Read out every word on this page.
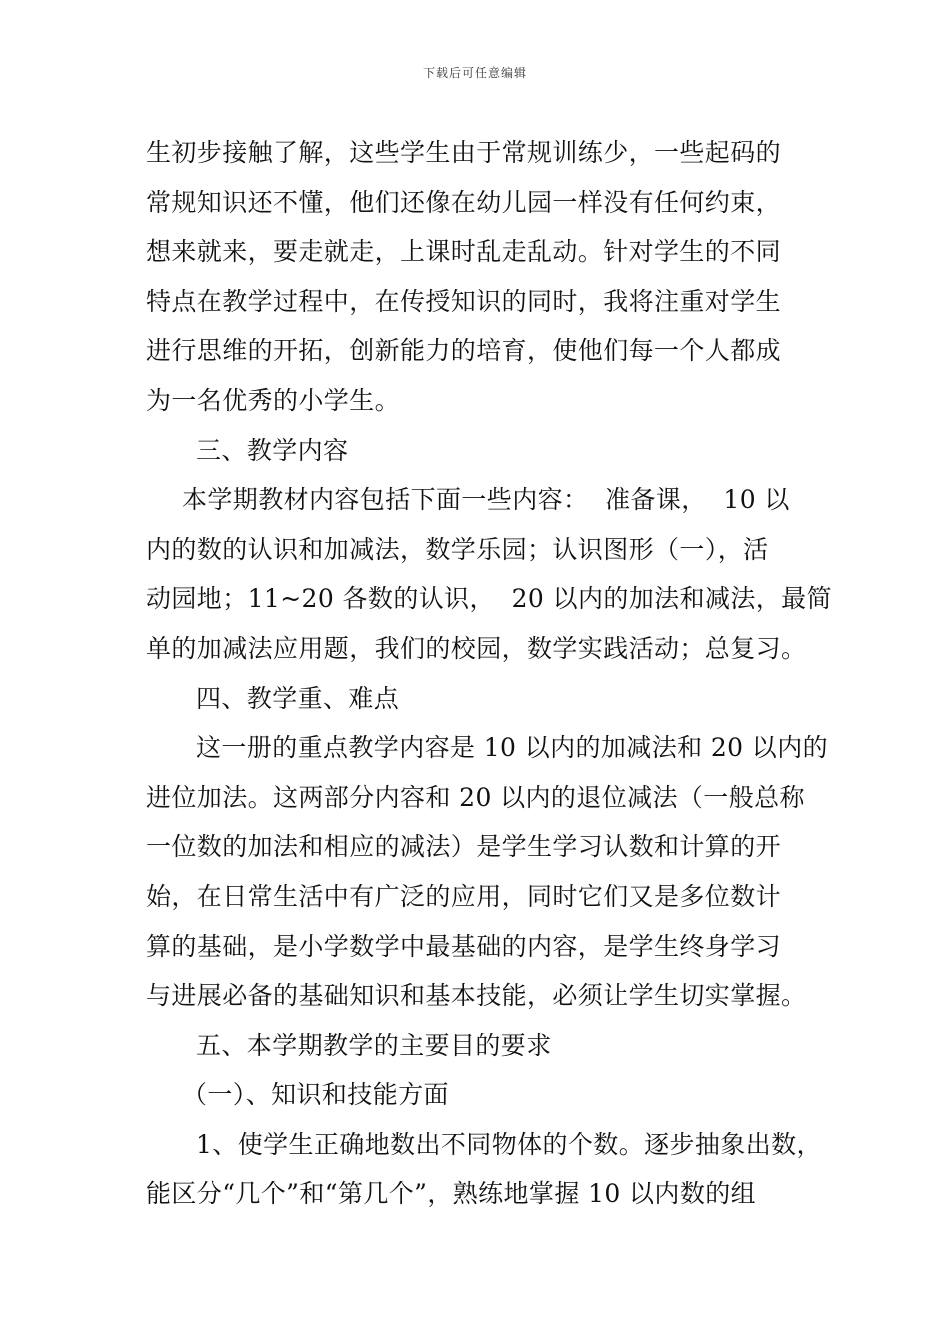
下载后可任意编辑
生初步接触了解，这些学生由于常规训练少，一些起码的
常规知识还不懂，他们还像在幼儿园一样没有任何约束，
想来就来，要走就走，上课时乱走乱动。针对学生的不同
特点在教学过程中，在传授知识的同时，我将注重对学生
进行思维的开拓，创新能力的培育，使他们每一个人都成
为一名优秀的小学生。
三、教学内容
本学期教材内容包括下面一些内容：  准备课，  10 以
内的数的认识和加减法，数学乐园；认识图形（一），活
动园地；11~20 各数的认识，  20 以内的加法和减法，最简
单的加减法应用题，我们的校园，数学实践活动；总复习。
四、教学重、难点
这一册的重点教学内容是 10 以内的加减法和 20 以内的
进位加法。这两部分内容和 20 以内的退位减法（一般总称
一位数的加法和相应的减法）是学生学习认数和计算的开
始，在日常生活中有广泛的应用，同时它们又是多位数计
算的基础，是小学数学中最基础的内容，是学生终身学习
与进展必备的基础知识和基本技能，必须让学生切实掌握。
五、本学期教学的主要目的要求
（一）、知识和技能方面
1、使学生正确地数出不同物体的个数。逐步抽象出数，
能区分“几个”和“第几个”，熟练地掌握 10 以内数的组
